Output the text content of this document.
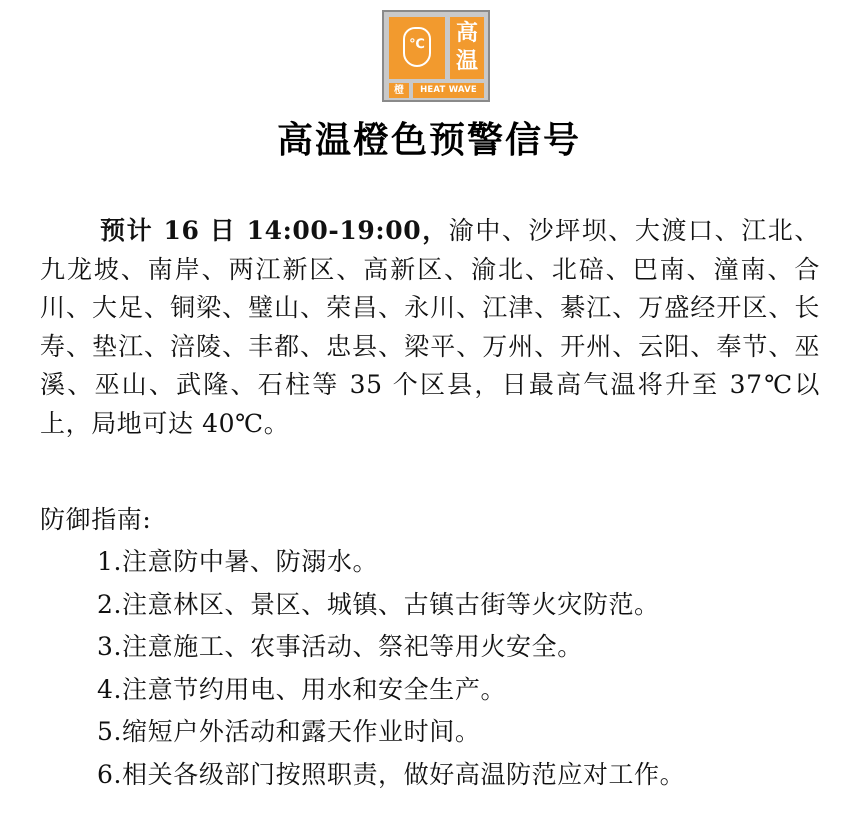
℃	高
温
橙	HEAT WAVE
高温橙色预警信号

预计 16 日 14:00-19:00，渝中、沙坪坝、大渡口、江北、九龙坡、南岸、两江新区、高新区、渝北、北碚、巴南、潼南、合川、大足、铜梁、璧山、荣昌、永川、江津、綦江、万盛经开区、长寿、垫江、涪陵、丰都、忠县、梁平、万州、开州、云阳、奉节、巫溪、巫山、武隆、石柱等 35 个区县，日最高气温将升至 37℃以上，局地可达 40℃。

防御指南:

1.注意防中暑、防溺水。
2.注意林区、景区、城镇、古镇古街等火灾防范。
3.注意施工、农事活动、祭祀等用火安全。
4.注意节约用电、用水和安全生产。
5.缩短户外活动和露天作业时间。
6.相关各级部门按照职责，做好高温防范应对工作。
